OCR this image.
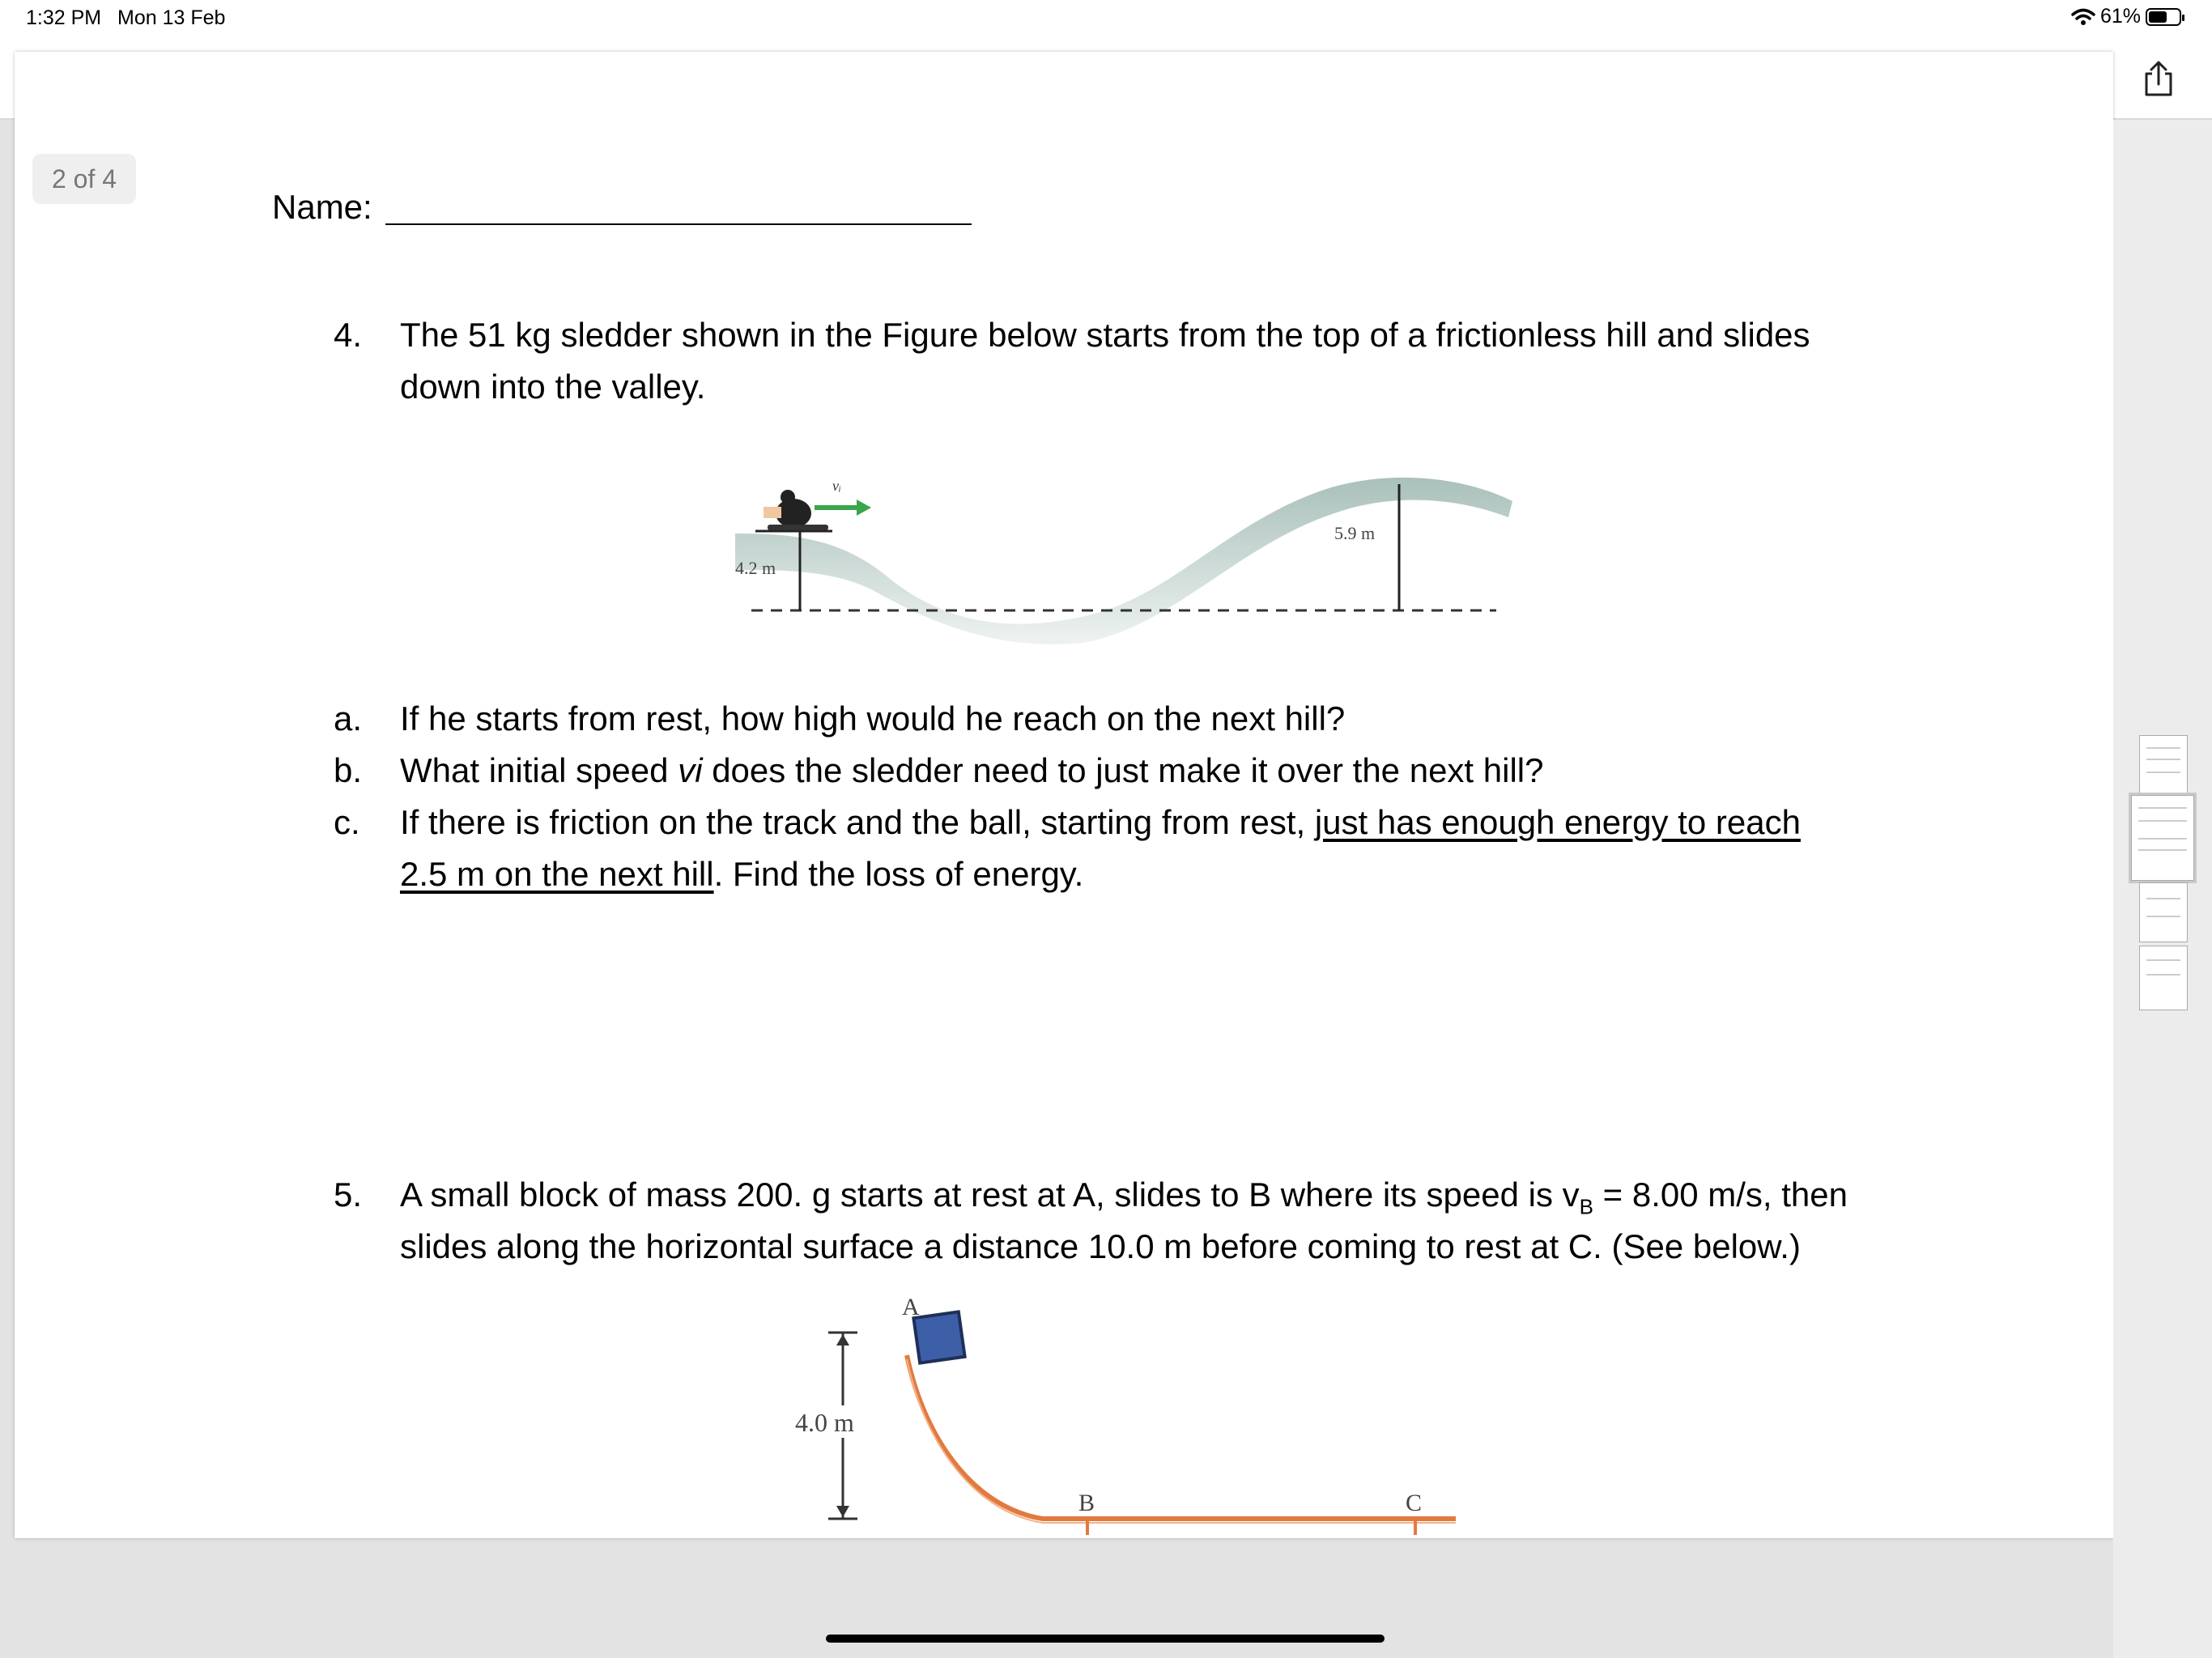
1:32 PM Mon 13 Feb	61%
Name:
4. The 51 kg sledder shown in the Figure below starts from the top of a frictionless hill and slides
down into the valley.
4.2 m
5.9 m
vᵢ
a. If he starts from rest, how high would he reach on the next hill?
b. What initial speed vi does the sledder need to just make it over the next hill?
c. If there is friction on the track and the ball, starting from rest, just has enough energy to reach
2.5 m on the next hill. Find the loss of energy.
5. A small block of mass 200. g starts at rest at A, slides to B where its speed is $v_B = 8.00$ m/s, then
slides along the horizontal surface a distance 10.0 m before coming to rest at C. (See below.)
A
B	C
4.0 m
2 of 4
